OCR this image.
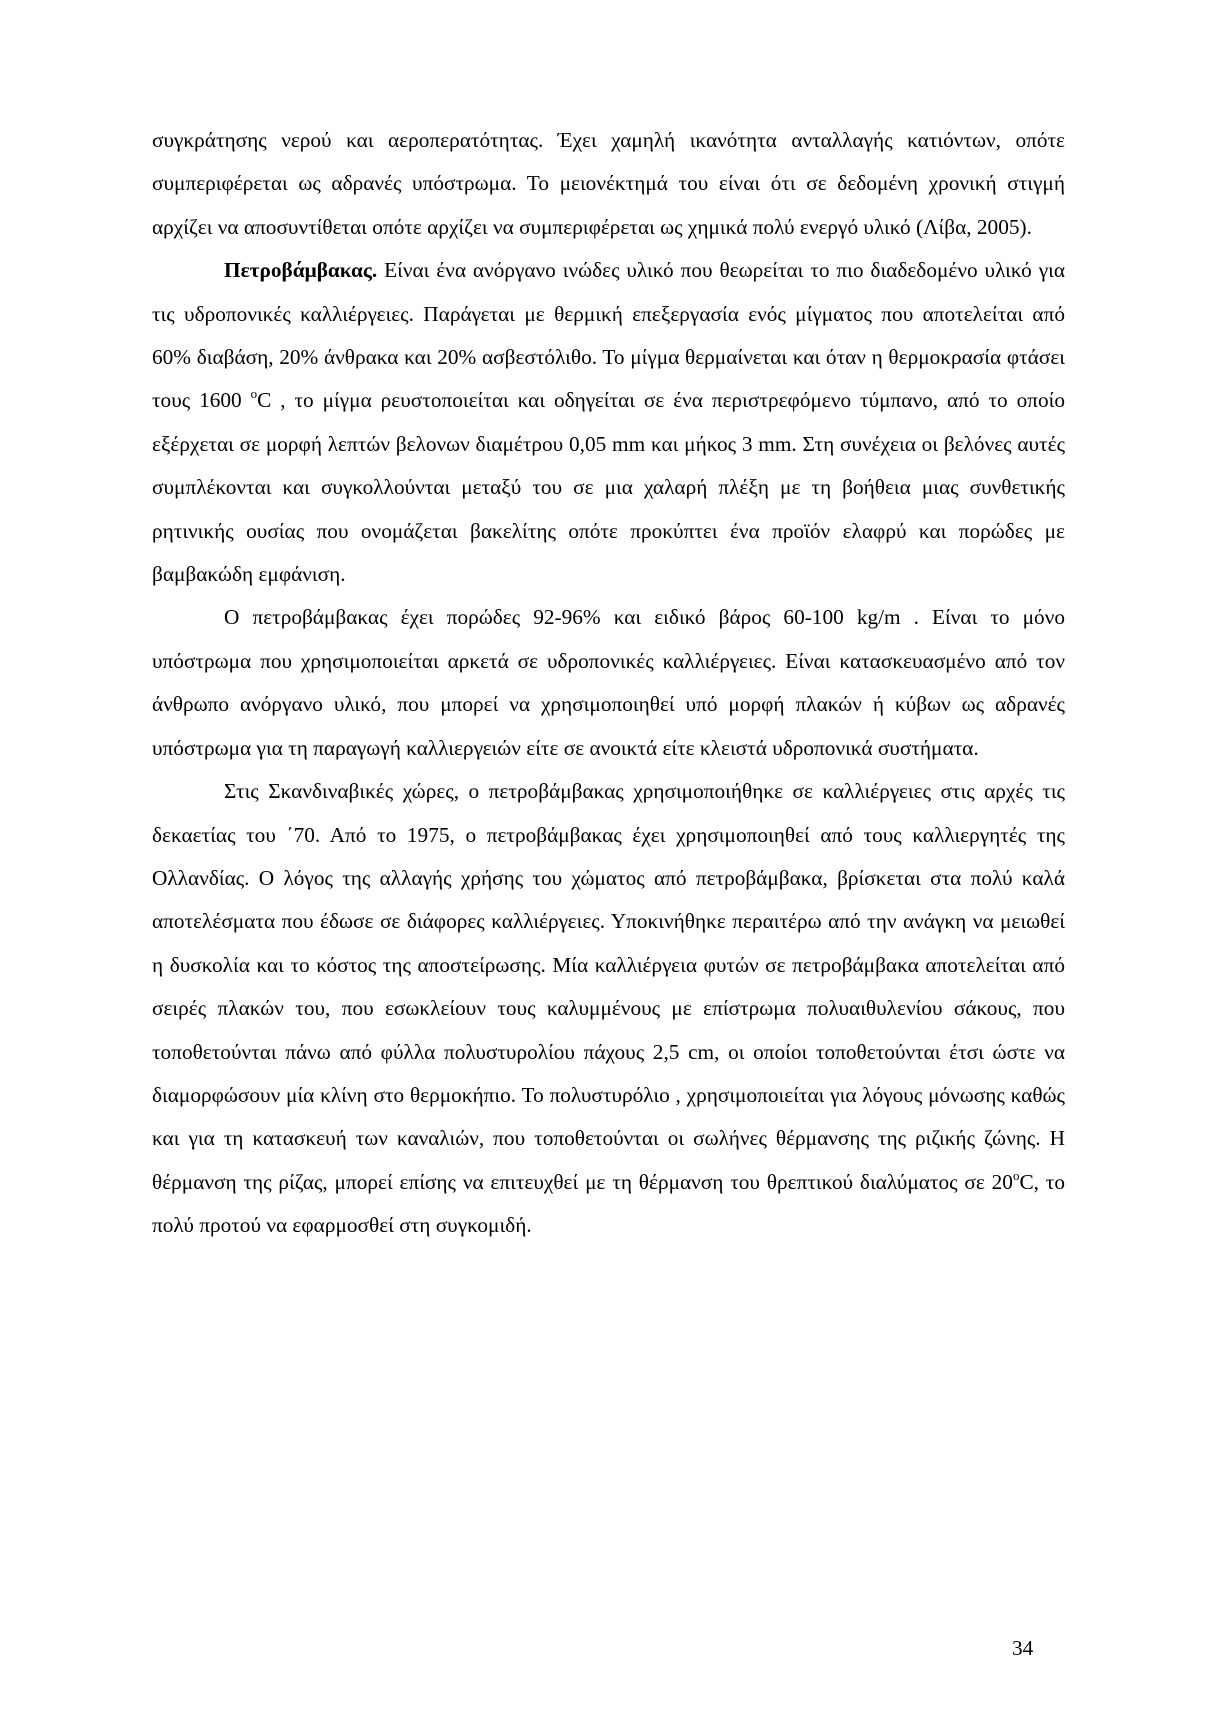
συγκράτησης νερού και αεροπερατότητας. Έχει χαμηλή ικανότητα ανταλλαγής κατιόντων, οπότε συμπεριφέρεται ως αδρανές υπόστρωμα. Το μειονέκτημά του είναι ότι σε δεδομένη χρονική στιγμή αρχίζει να αποσυντίθεται οπότε αρχίζει να συμπεριφέρεται ως χημικά πολύ ενεργό υλικό (Λίβα, 2005).

Πετροβάμβακας. Είναι ένα ανόργανο ινώδες υλικό που θεωρείται το πιο διαδεδομένο υλικό για τις υδροπονικές καλλιέργειες. Παράγεται με θερμική επεξεργασία ενός μίγματος που αποτελείται από 60% διαβάση, 20% άνθρακα και 20% ασβεστόλιθο. Το μίγμα θερμαίνεται και όταν η θερμοκρασία φτάσει τους 1600 $^o$C , το μίγμα ρευστοποιείται και οδηγείται σε ένα περιστρεφόμενο τύμπανο, από το οποίο εξέρχεται σε μορφή λεπτών βελονων διαμέτρου 0,05 mm και μήκος 3 mm. Στη συνέχεια οι βελόνες αυτές συμπλέκονται και συγκολλούνται μεταξύ του σε μια χαλαρή πλέξη με τη βοήθεια μιας συνθετικής ρητινικής ουσίας που ονομάζεται βακελίτης οπότε προκύπτει ένα προϊόν ελαφρύ και πορώδες με βαμβακώδη εμφάνιση.

Ο πετροβάμβακας έχει πορώδες 92-96% και ειδικό βάρος 60-100 kg/m . Είναι το μόνο υπόστρωμα που χρησιμοποιείται αρκετά σε υδροπονικές καλλιέργειες. Είναι κατασκευασμένο από τον άνθρωπο ανόργανο υλικό, που μπορεί να χρησιμοποιηθεί υπό μορφή πλακών ή κύβων ως αδρανές υπόστρωμα για τη παραγωγή καλλιεργειών είτε σε ανοικτά είτε κλειστά υδροπονικά συστήματα.

Στις Σκανδιναβικές χώρες, ο πετροβάμβακας χρησιμοποιήθηκε σε καλλιέργειες στις αρχές τις δεκαετίας του ΄70. Από το 1975, ο πετροβάμβακας έχει χρησιμοποιηθεί από τους καλλιεργητές της Ολλανδίας. Ο λόγος της αλλαγής χρήσης του χώματος από πετροβάμβακα, βρίσκεται στα πολύ καλά αποτελέσματα που έδωσε σε διάφορες καλλιέργειες. Υποκινήθηκε περαιτέρω από την ανάγκη να μειωθεί η δυσκολία και το κόστος της αποστείρωσης. Μία καλλιέργεια φυτών σε πετροβάμβακα αποτελείται από σειρές πλακών του, που εσωκλείουν τους καλυμμένους με επίστρωμα πολυαιθυλενίου σάκους, που τοποθετούνται πάνω από φύλλα πολυστυρολίου πάχους 2,5 cm, οι οποίοι τοποθετούνται έτσι ώστε να διαμορφώσουν μία κλίνη στο θερμοκήπιο. Το πολυστυρόλιο , χρησιμοποιείται για λόγους μόνωσης καθώς και για τη κατασκευή των καναλιών, που τοποθετούνται οι σωλήνες θέρμανσης της ριζικής ζώνης. Η θέρμανση της ρίζας, μπορεί επίσης να επιτευχθεί με τη θέρμανση του θρεπτικού διαλύματος σε 20$^o$C, το πολύ προτού να εφαρμοσθεί στη συγκομιδή.

34
